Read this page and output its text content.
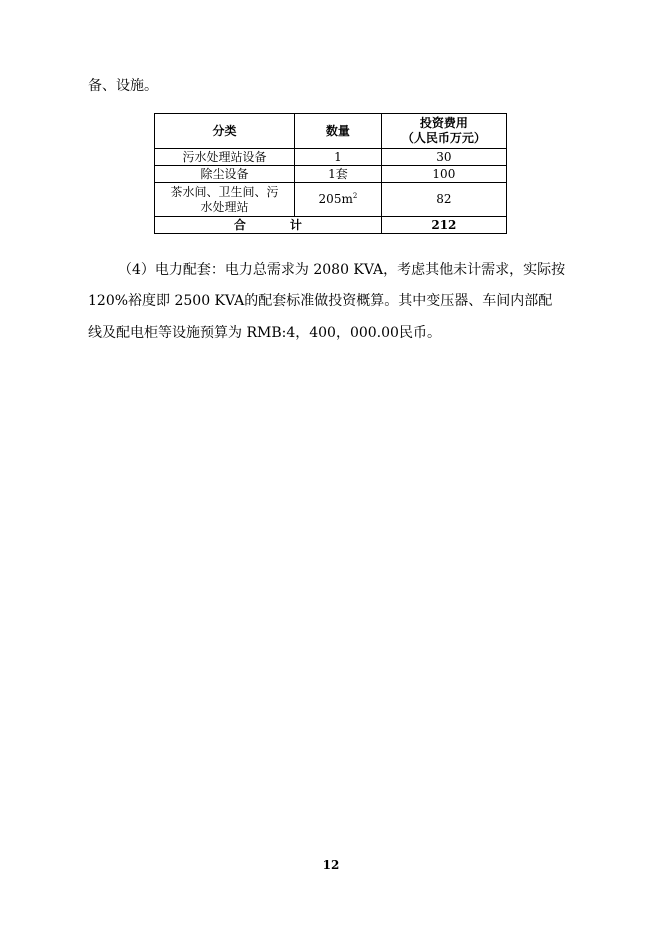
备、设施。
分类	数量	投资费用
（人民币万元）

污水处理站设备	1	30
除尘设备	1套	100

茶水间、卫生间、污
水处理站	$205m^2$	82
合 计		212
（4）电力配套：电力总需求为 2080 KVA，考虑其他未计需求，实际按
120%裕度即 2500 KVA的配套标准做投资概算。其中变压器、车间内部配
线及配电柜等设施预算为 RMB:4，400，000.00民币。
12
